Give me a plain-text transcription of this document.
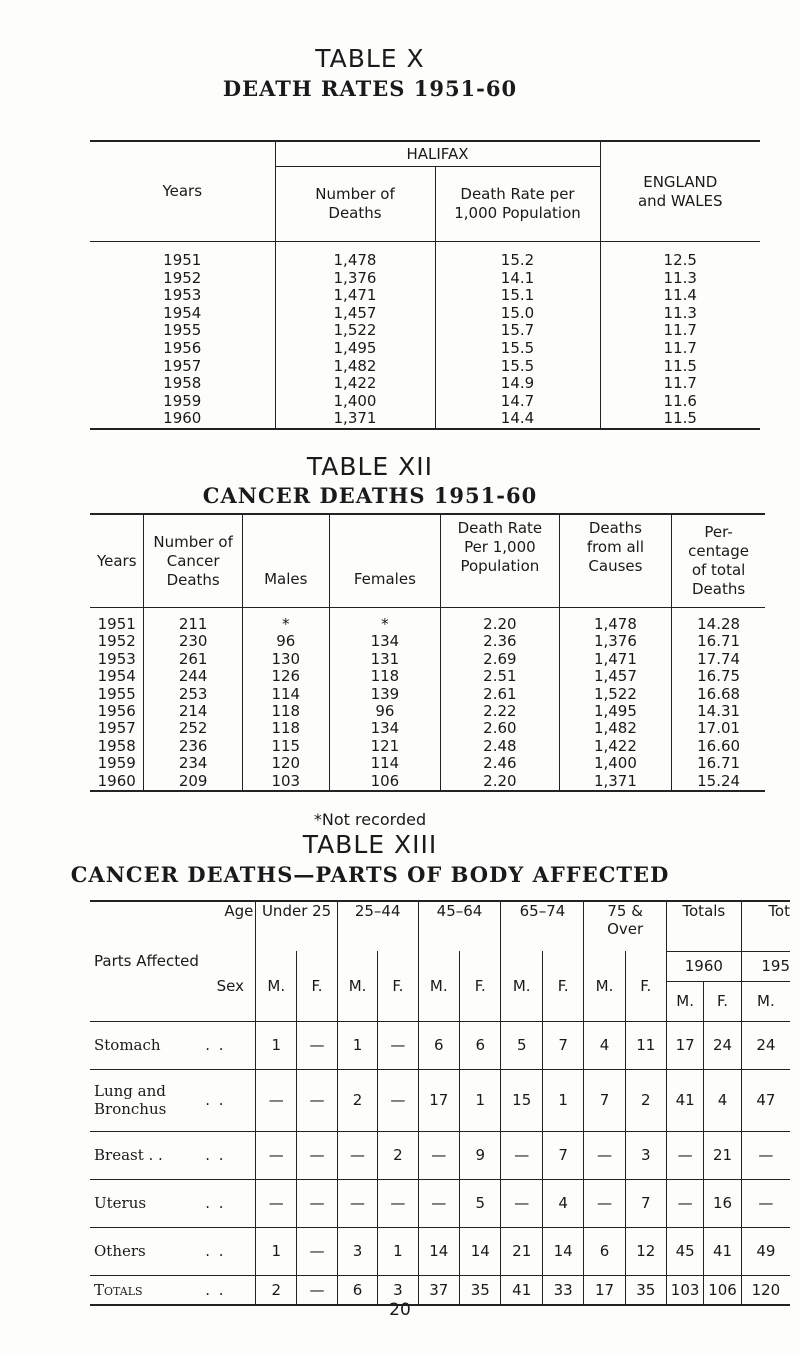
TABLE X
DEATH RATES 1951-60
Years	HALIFAX		ENGLAND and WALES
	Number of Deaths	Death Rate per 1,000 Population	

1951	1,478	15.2	12.5
1952	1,376	14.1	11.3
1953	1,471	15.1	11.4
1954	1,457	15.0	11.3
1955	1,522	15.7	11.7
1956	1,495	15.5	11.7
1957	1,482	15.5	11.5
1958	1,422	14.9	11.7
1959	1,400	14.7	11.6
1960	1,371	14.4	11.5
TABLE XII
CANCER DEATHS 1951-60
Years	Number of Cancer Deaths	Males	Females	Death Rate Per 1,000 Population	Deaths from all Causes	Per- centage of total Deaths
1951	211	*	*	2.20	1,478	14.28
1952	230	96	134	2.36	1,376	16.71
1953	261	130	131	2.69	1,471	17.74
1954	244	126	118	2.51	1,457	16.75
1955	253	114	139	2.61	1,522	16.68
1956	214	118	96	2.22	1,495	14.31
1957	252	118	134	2.60	1,482	17.01
1958	236	115	121	2.48	1,422	16.60
1959	234	120	114	2.46	1,400	16.71
1960	209	103	106	2.20	1,371	15.24
*Not recorded
TABLE XIII
CANCER DEATHS—PARTS OF BODY AFFECTED
Parts Affected	Age	Under 25		25–44		45–64		65–74		75 & Over		Totals		Tot
	Sex	M.	F.	M.	F.	M.	F.	M.	F.	M.	F.	1960		195
												M.	F.	M.
Stomach	. .	1	—	1	—	6	6	5	7	4	11	17	24	24
Lung and Bronchus	. .	—	—	2	—	17	1	15	1	7	2	41	4	47
Breast . .	. .	—	—	—	2	—	9	—	7	—	3	—	21	—
Uterus	. .	—	—	—	—	—	5	—	4	—	7	—	16	—
Others	. .	1	—	3	1	14	14	21	14	6	12	45	41	49
Totals	. .	2	—	6	3	37	35	41	33	17	35	103	106	120
20
